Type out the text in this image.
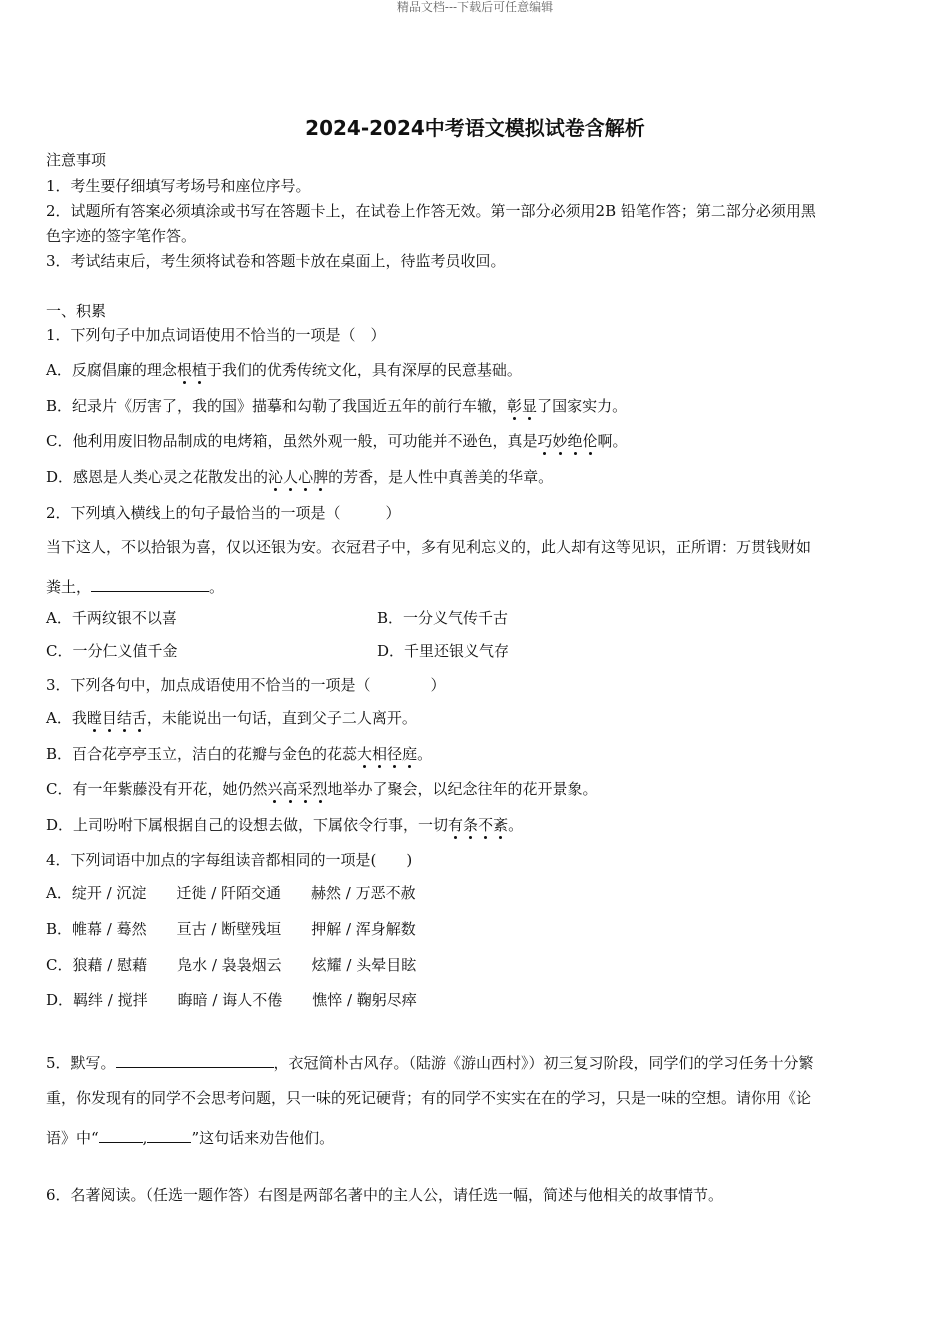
精品文档---下载后可任意编辑
2024-2024中考语文模拟试卷含解析
注意事项
1．考生要仔细填写考场号和座位序号。
2．试题所有答案必须填涂或书写在答题卡上，在试卷上作答无效。第一部分必须用2B 铅笔作答；第二部分必须用黑
色字迹的签字笔作答。
3．考试结束后，考生须将试卷和答题卡放在桌面上，待监考员收回。
一、积累
1．下列句子中加点词语使用不恰当的一项是（　）
A．反腐倡廉的理念根植于我们的优秀传统文化，具有深厚的民意基础。
B．纪录片《厉害了，我的国》描摹和勾勒了我国近五年的前行车辙，彰显了国家实力。
C．他利用废旧物品制成的电烤箱，虽然外观一般，可功能并不逊色，真是巧妙绝伦啊。
D．感恩是人类心灵之花散发出的沁人心脾的芳香，是人性中真善美的华章。
2．下列填入横线上的句子最恰当的一项是（　　　）
当下这人，不以拾银为喜，仅以还银为安。衣冠君子中，多有见利忘义的，此人却有这等见识，正所谓：万贯钱财如
粪土，	。
A．千两纹银不以喜	B．一分义气传千古
C．一分仁义值千金	D．千里还银义气存
3．下列各句中，加点成语使用不恰当的一项是（　　　　）
A．我瞠目结舌，未能说出一句话，直到父子二人离开。
B．百合花亭亭玉立，洁白的花瓣与金色的花蕊大相径庭。
C．有一年紫藤没有开花，她仍然兴高采烈地举办了聚会，以纪念往年的花开景象。
D．上司吩咐下属根据自己的设想去做，下属依令行事，一切有条不紊。
4．下列词语中加点的字每组读音都相同的一项是(　　)
A．绽开 / 沉淀　　迁徙 / 阡陌交通　　赫然 / 万恶不赦
B．帷幕 / 蓦然　　亘古 / 断壁残垣　　押解 / 浑身解数
C．狼藉 / 慰藉　　凫水 / 袅袅烟云　　炫耀 / 头晕目眩
D．羁绊 / 搅拌　　晦暗 / 诲人不倦　　憔悴 / 鞠躬尽瘁
5．默写。	，衣冠简朴古风存。（陆游《游山西村》）初三复习阶段，同学们的学习任务十分繁
重，你发现有的同学不会思考问题，只一味的死记硬背；有的同学不实实在在的学习，只是一味的空想。请你用《论
语》中“	,	”这句话来劝告他们。
6．名著阅读。（任选一题作答）右图是两部名著中的主人公，请任选一幅，简述与他相关的故事情节。
